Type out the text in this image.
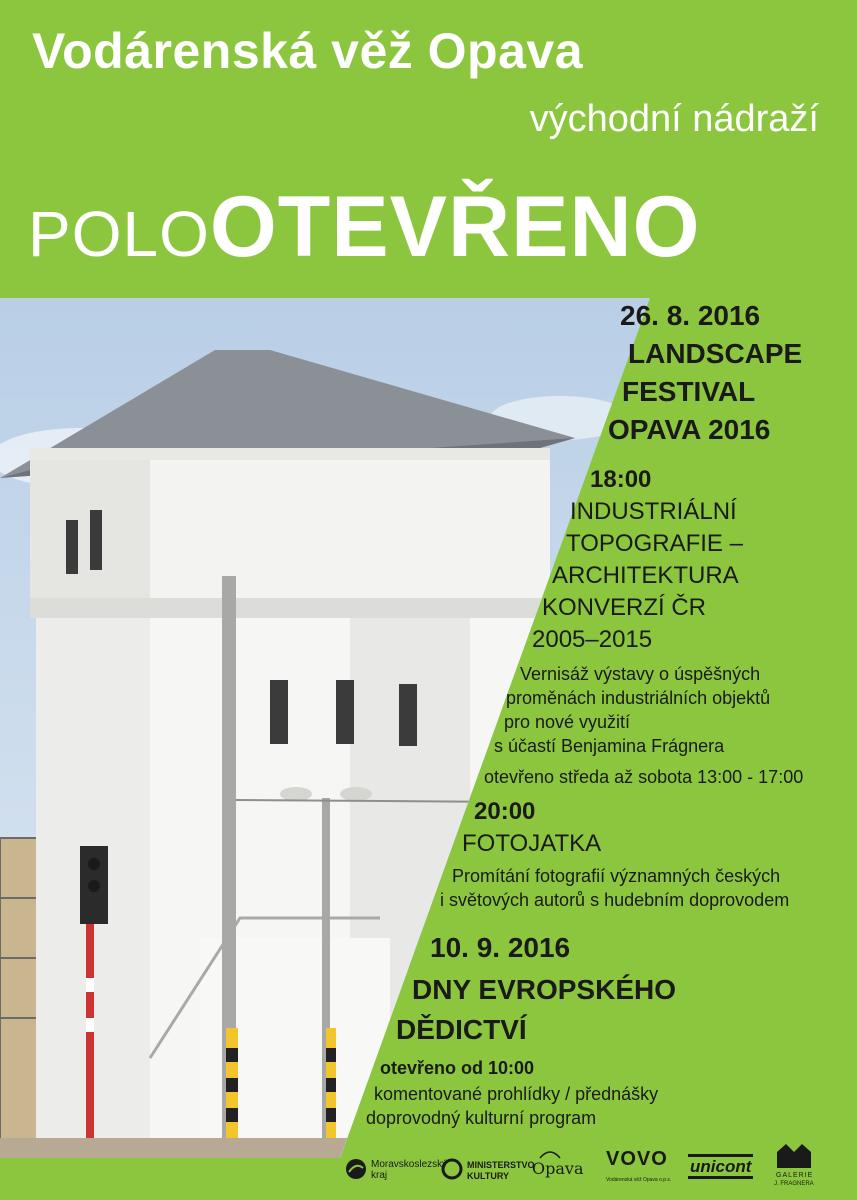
Vodárenská věž Opava
východní nádraží
POLOOTEVŘENO
26. 8. 2016
LANDSCAPE
FESTIVAL
OPAVA 2016
18:00
INDUSTRIÁLNÍ
TOPOGRAFIE –
ARCHITEKTURA
KONVERZÍ ČR
2005–2015
Vernisáž výstavy o úspěšných
proměnách industriálních objektů
pro nové využití
s účastí Benjamina Frágnera
otevřeno středa až sobota 13:00 - 17:00
20:00
FOTOJATKA
Promítání fotografií významných českých
i světových autorů s hudebním doprovodem
10. 9. 2016
DNY EVROPSKÉHO
DĚDICTVÍ
otevřeno od 10:00
komentované prohlídky / přednášky
doprovodný kulturní program
Moravskoslezský
kraj
MINISTERSTVO
KULTURY Opava VOVO
Vodárenská věž Opava o.p.s.
unicont	GALERIE
J. FRAGNERA
